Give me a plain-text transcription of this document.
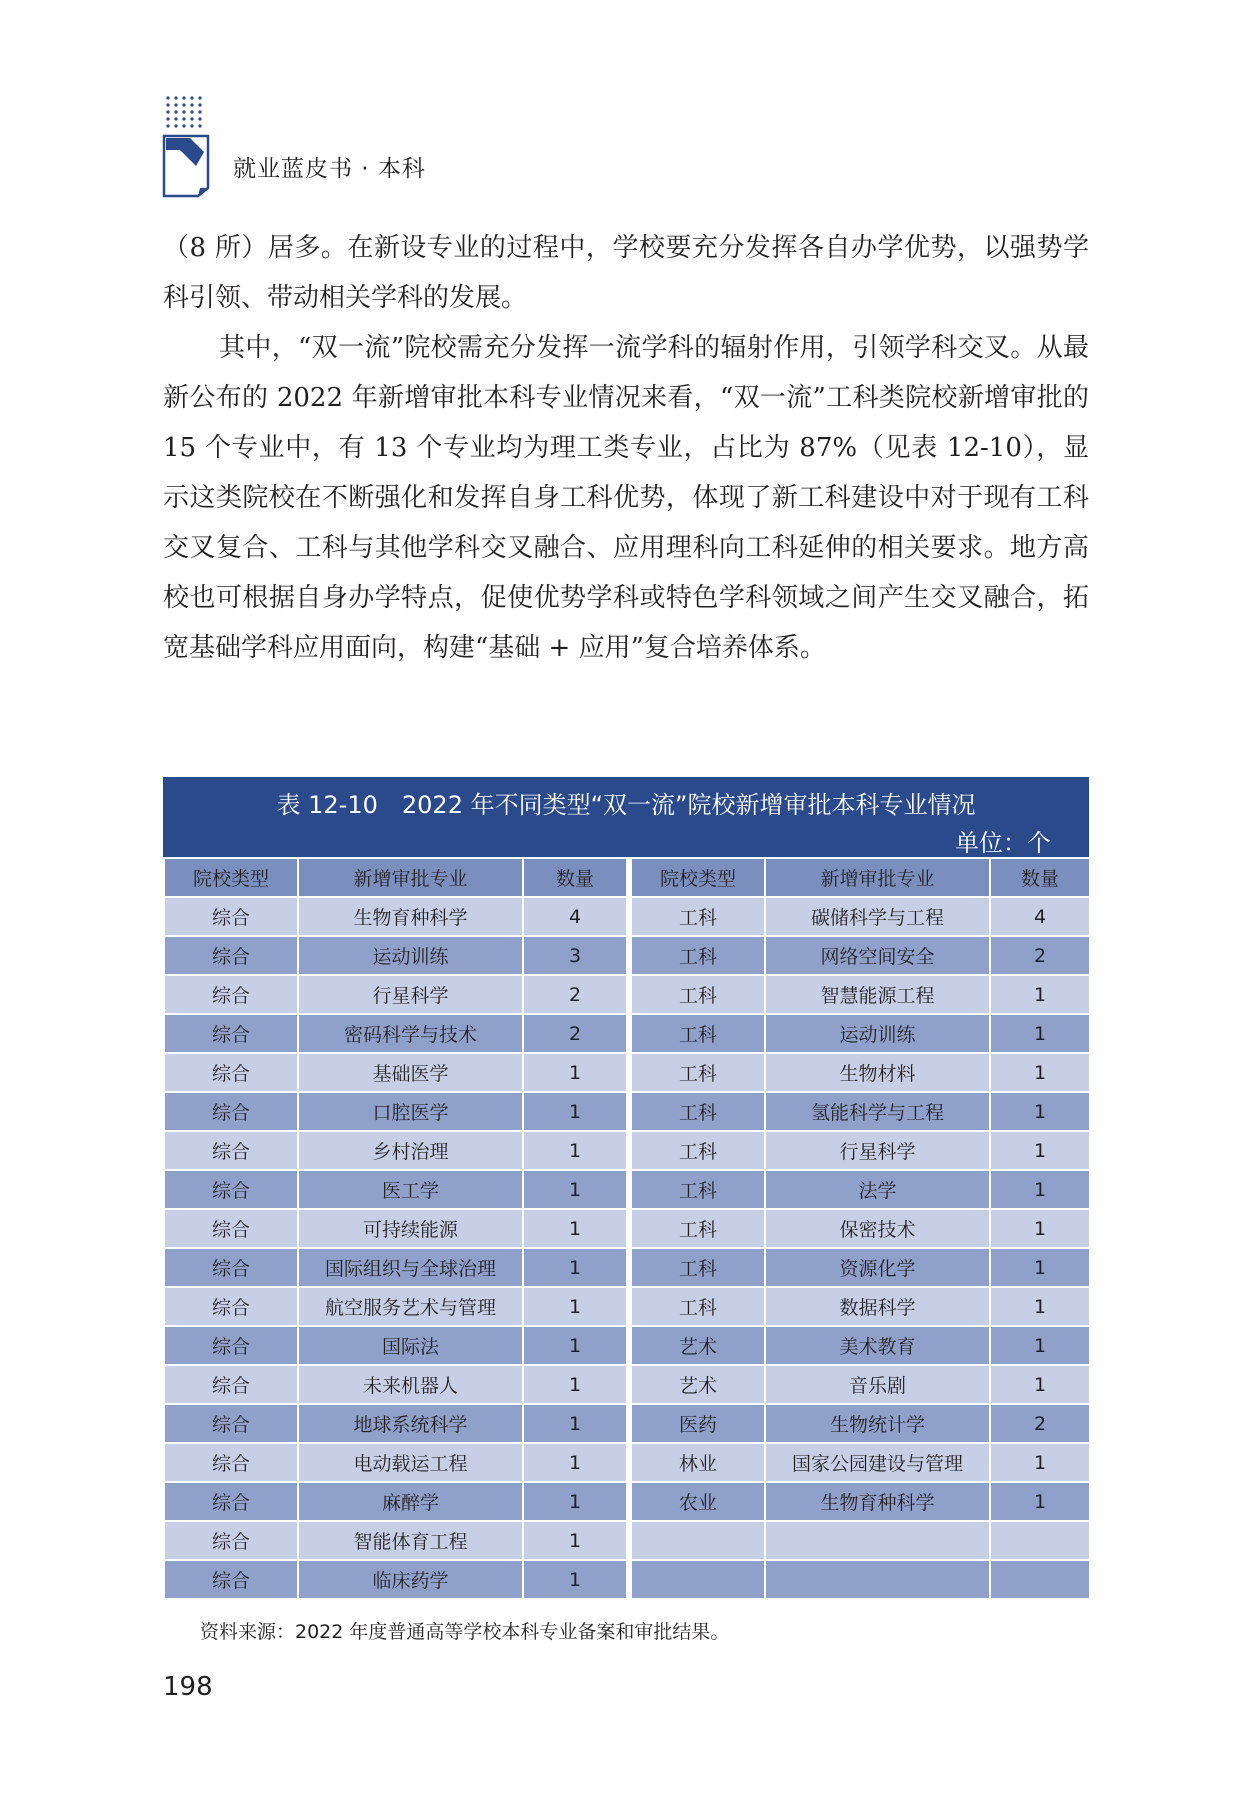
就业蓝皮书 · 本科

（8 所）居多。在新设专业的过程中，学校要充分发挥各自办学优势，以强势学科引领、带动相关学科的发展。

其中，“双一流”院校需充分发挥一流学科的辐射作用，引领学科交叉。从最新公布的 2022 年新增审批本科专业情况来看，“双一流”工科类院校新增审批的 15 个专业中，有 13 个专业均为理工类专业，占比为 87%（见表 12-10），显示这类院校在不断强化和发挥自身工科优势，体现了新工科建设中对于现有工科交叉复合、工科与其他学科交叉融合、应用理科向工科延伸的相关要求。地方高校也可根据自身办学特点，促使优势学科或特色学科领域之间产生交叉融合，拓宽基础学科应用面向，构建“基础 + 应用”复合培养体系。

表 12-10　2022 年不同类型“双一流”院校新增审批本科专业情况
单位：个
院校类型	新增审批专业	数量		院校类型	新增审批专业	数量
综合	生物育种科学	4		工科	碳储科学与工程	4
综合	运动训练	3		工科	网络空间安全	2
综合	行星科学	2		工科	智慧能源工程	1
综合	密码科学与技术	2		工科	运动训练	1
综合	基础医学	1		工科	生物材料	1
综合	口腔医学	1		工科	氢能科学与工程	1
综合	乡村治理	1		工科	行星科学	1
综合	医工学	1		工科	法学	1
综合	可持续能源	1		工科	保密技术	1
综合	国际组织与全球治理	1		工科	资源化学	1
综合	航空服务艺术与管理	1		工科	数据科学	1
综合	国际法	1		艺术	美术教育	1
综合	未来机器人	1		艺术	音乐剧	1
综合	地球系统科学	1		医药	生物统计学	2
综合	电动载运工程	1		林业	国家公园建设与管理	1
综合	麻醉学	1		农业	生物育种科学	1
综合	智能体育工程	1				
综合	临床药学	1				
资料来源：2022 年度普通高等学校本科专业备案和审批结果。
198
